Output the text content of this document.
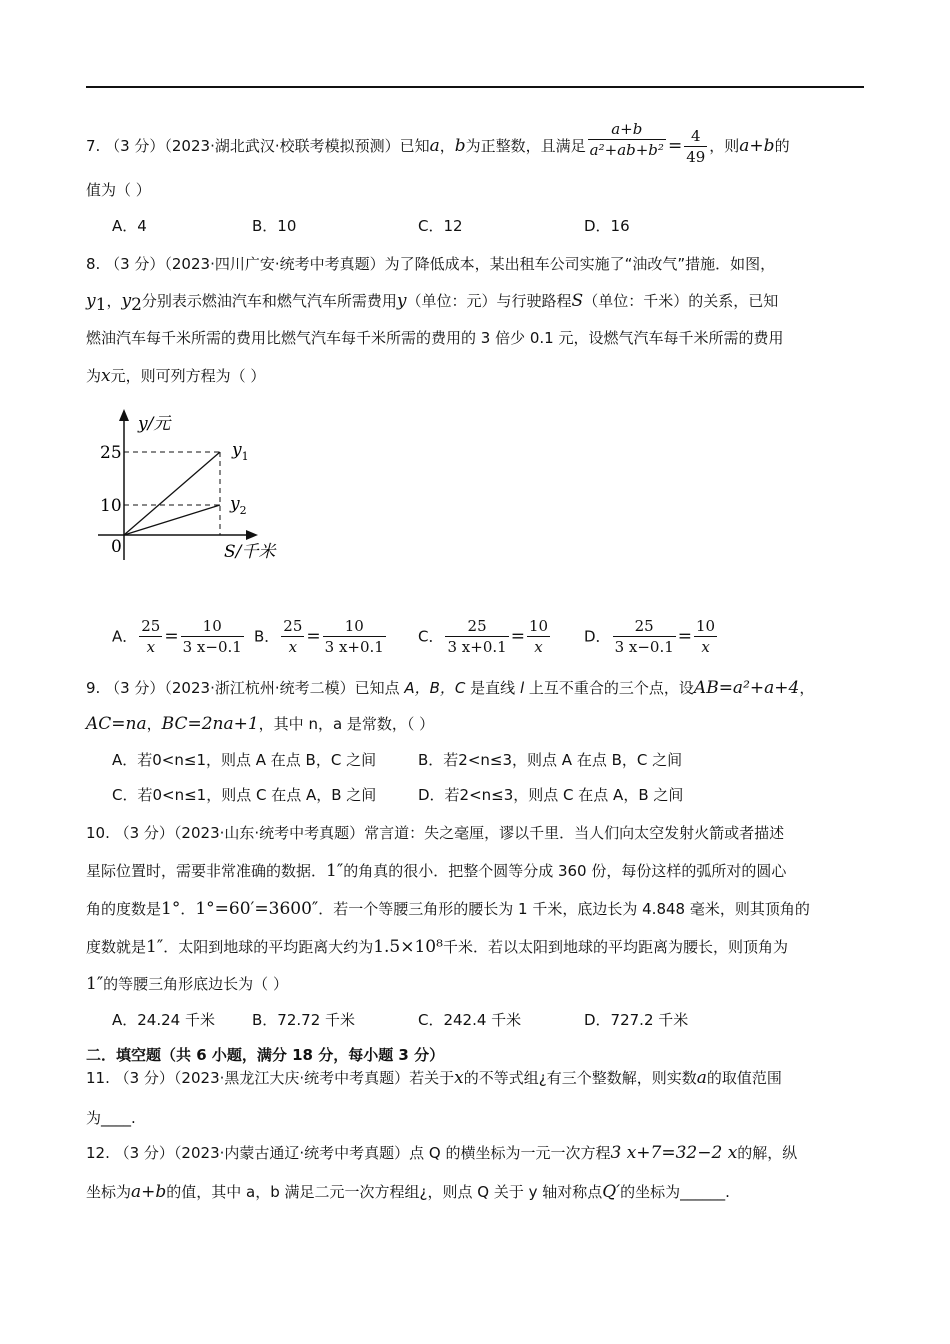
7. （3 分）（2023·湖北武汉·校联考模拟预测）已知a，b为正整数，且满足 $\frac{a+b}{\text{a²+ab+b²}} = \frac{4}{49}$ ，则a+b的
值为（ ）
A．4	B．10	C．12	D．16
8. （3 分）（2023·四川广安·统考中考真题）为了降低成本，某出租车公司实施了“油改气”措施．如图，
$y_1$，$y_2$分别表示燃油汽车和燃气汽车所需费用y（单位：元）与行驶路程S（单位：千米）的关系，已知
燃油汽车每千米所需的费用比燃气汽车每千米所需的费用的 3 倍少 0.1 元，设燃气汽车每千米所需的费用
为x元，则可列方程为（ ）
y/元
25
10
0
$y_1$
$y_2$
S/千米
A． $\frac{25}{x} = \frac{10}{3 x-0.1}$ B． $\frac{25}{x} = \frac{10}{3 x+0.1}$ C． $\frac{25}{3 x+0.1} = \frac{10}{x}$ D． $\frac{25}{3 x-0.1} = \frac{10}{x}$
9. （3 分）（2023·浙江杭州·统考二模）已知点 A，B，C 是直线 l 上互不重合的三个点，设AB=a²+a+4，
AC=na，BC=2na+1，其中 n，a 是常数，（ ）
A．若0<n≤1，则点 A 在点 B，C 之间	B．若2<n≤3，则点 A 在点 B，C 之间
C．若0<n≤1，则点 C 在点 A，B 之间	D．若2<n≤3，则点 C 在点 A，B 之间
10. （3 分）（2023·山东·统考中考真题）常言道：失之毫厘，谬以千里．当人们向太空发射火箭或者描述
星际位置时，需要非常准确的数据．1″的角真的很小．把整个圆等分成 360 份，每份这样的弧所对的圆心
角的度数是1°．1°=60′=3600″．若一个等腰三角形的腰长为 1 千米，底边长为 4.848 毫米，则其顶角的
度数就是1″．太阳到地球的平均距离大约为1.5×10⁸千米．若以太阳到地球的平均距离为腰长，则顶角为
1″的等腰三角形底边长为（ ）
A．24.24 千米 B．72.72 千米	C．242.4 千米	D．727.2 千米
二．填空题（共 6 小题，满分 18 分，每小题 3 分）
11. （3 分）（2023·黑龙江大庆·统考中考真题）若关于x的不等式组¿有三个整数解，则实数a的取值范围
为____.
12. （3 分）（2023·内蒙古通辽·统考中考真题）点 Q 的横坐标为一元一次方程3 x+7=32−2 x的解，纵
坐标为a+b的值，其中 a，b 满足二元一次方程组¿，则点 Q 关于 y 轴对称点Q′的坐标为______.
